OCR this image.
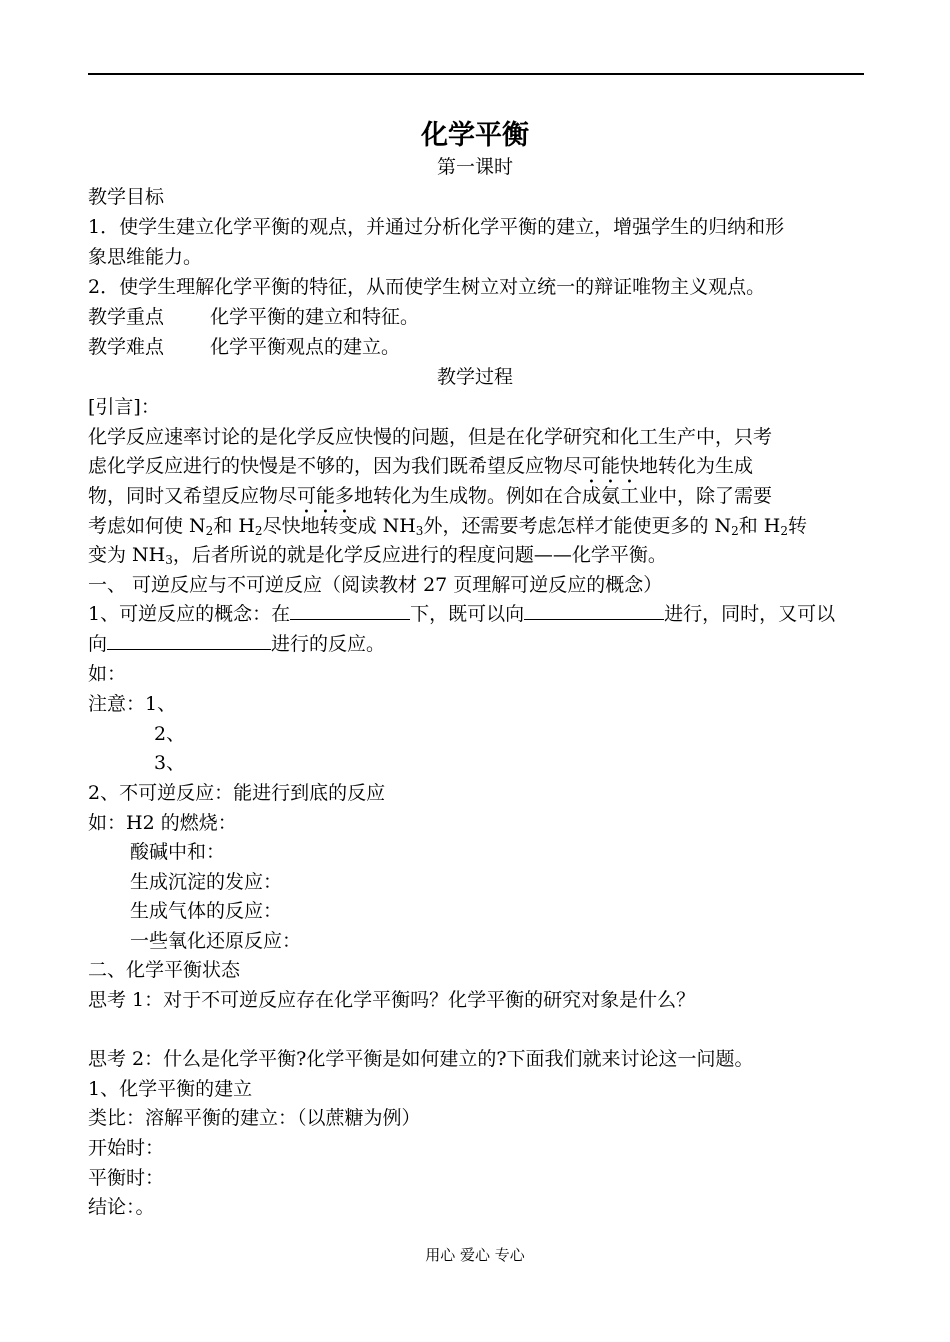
化学平衡
第一课时
教学目标
1．使学生建立化学平衡的观点，并通过分析化学平衡的建立，增强学生的归纳和形
象思维能力。
2．使学生理解化学平衡的特征，从而使学生树立对立统一的辩证唯物主义观点。
教学重点 化学平衡的建立和特征。
教学难点 化学平衡观点的建立。
教学过程
[引言]：
化学反应速率讨论的是化学反应快慢的问题，但是在化学研究和化工生产中，只考
虑化学反应进行的快慢是不够的，因为我们既希望反应物尽可能快地转化为生成
物，同时又希望反应物尽可能多地转化为生成物。例如在合成氨工业中，除了需要
考虑如何使 $N_2$和 $H_2$尽快地转变成 $NH_3$外，还需要考虑怎样才能使更多的 $N_2$和 $H_2$转
变为 $NH_3$，后者所说的就是化学反应进行的程度问题——化学平衡。
一、 可逆反应与不可逆反应（阅读教材 27 页理解可逆反应的概念）
1、可逆反应的概念：在	下，既可以向	进行，同时，又可以
向	进行的反应。
如：
注意：1、
2、
3、
2、不可逆反应：能进行到底的反应
如：H2 的燃烧：
酸碱中和：
生成沉淀的发应：
生成气体的反应：
一些氧化还原反应：
二、化学平衡状态
思考 1：对于不可逆反应存在化学平衡吗？化学平衡的研究对象是什么？
思考 2：什么是化学平衡?化学平衡是如何建立的?下面我们就来讨论这一问题。
1、化学平衡的建立
类比：溶解平衡的建立：（以蔗糖为例）
开始时：
平衡时：
结论：。
用心 爱心 专心
